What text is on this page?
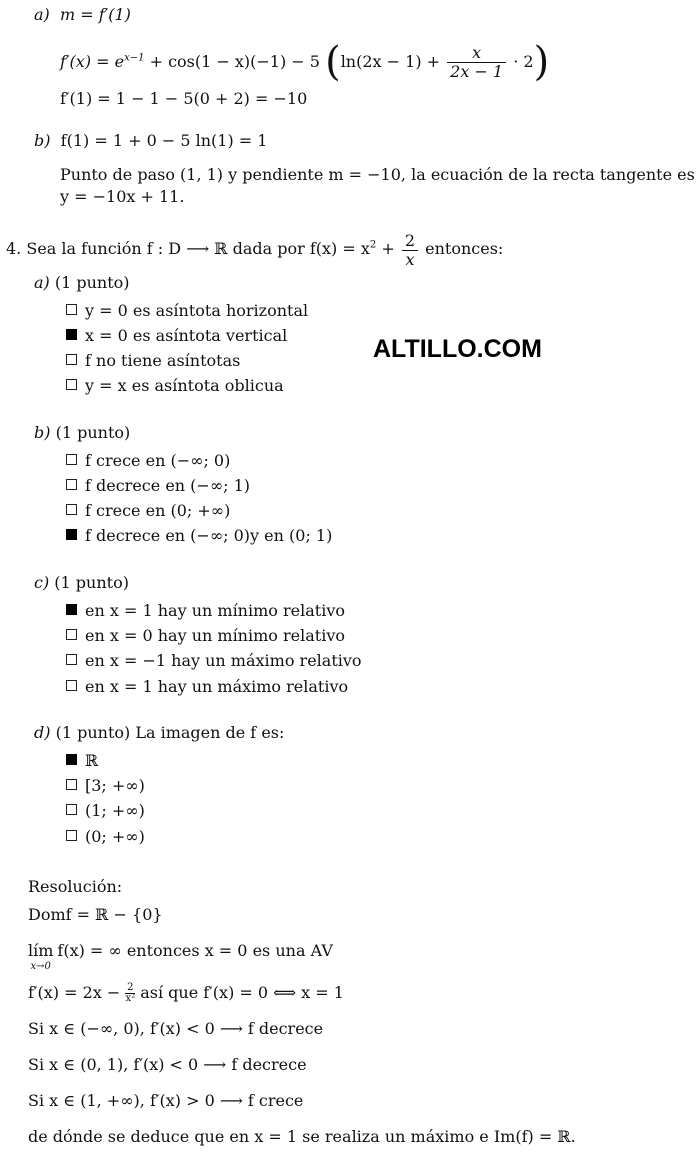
ALTILLO.COM
a) m = f′(1)
$f'(x) = e^{x-1} + \cos(1 - x)(-1) - 5$ $(\ln(2x - 1) + \frac{x}{2x - 1} \cdot 2)$
f′(1) = 1 − 1 − 5(0 + 2) = −10
b) f(1) = 1 + 0 − 5 ln(1) = 1
Punto de paso (1, 1) y pendiente m = −10, la ecuación de la recta tangente es
y = −10x + 11.
4. Sea la función f : D ⟶ ℝ dada por $f(x) = x^2 + \frac{2}{x}$ entonces:
a) (1 punto)
y = 0 es asíntota horizontal
x = 0 es asíntota vertical
f no tiene asíntotas
y = x es asíntota oblicua
b) (1 punto)
f crece en (−∞; 0)
f decrece en (−∞; 1)
f crece en (0; +∞)
f decrece en (−∞; 0)y en (0; 1)
c) (1 punto)
en x = 1 hay un mínimo relativo
en x = 0 hay un mínimo relativo
en x = −1 hay un máximo relativo
en x = 1 hay un máximo relativo
d) (1 punto) La imagen de f es:
ℝ
[3; +∞)
(1; +∞)
(0; +∞)
Resolución:
Domf = ℝ − {0}
lím
x→0
f(x) = ∞ entonces x = 0 es una AV
$f'(x) = 2x - \frac{2}{\text{x²}}$ así que f′(x) = 0 ⟺ x = 1
Si x ∈ (−∞, 0), f′(x) < 0 ⟶ f decrece
Si x ∈ (0, 1), f′(x) < 0 ⟶ f decrece
Si x ∈ (1, +∞), f′(x) > 0 ⟶ f crece
de dónde se deduce que en x = 1 se realiza un máximo e Im(f) = ℝ.
